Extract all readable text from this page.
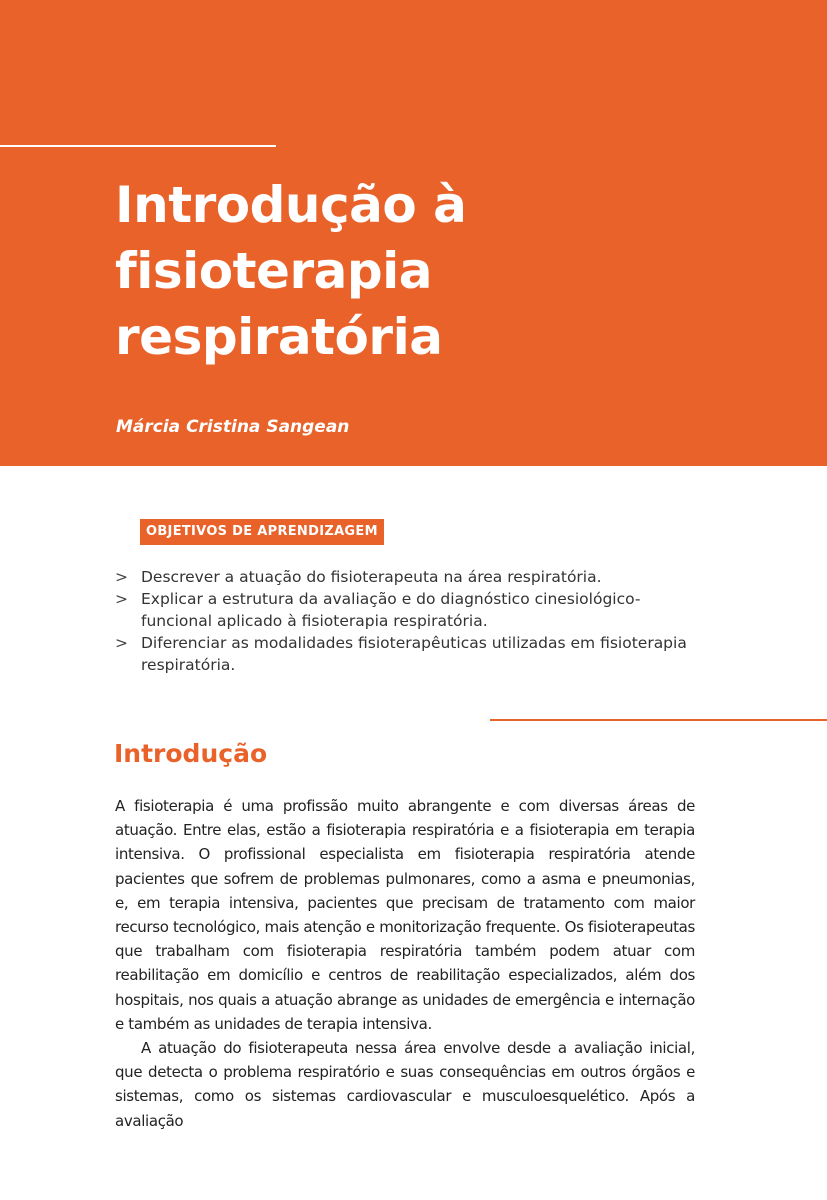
Introdução à
fisioterapia
respiratória
Márcia Cristina Sangean
OBJETIVOS DE APRENDIZAGEM
> Descrever a atuação do fisioterapeuta na área respiratória.
> Explicar a estrutura da avaliação e do diagnóstico cinesiológico-funcional aplicado à fisioterapia respiratória.
> Diferenciar as modalidades fisioterapêuticas utilizadas em fisioterapia respiratória.
Introdução

A fisioterapia é uma profissão muito abrangente e com diversas áreas de atuação. Entre elas, estão a fisioterapia respiratória e a fisioterapia em terapia intensiva. O profissional especialista em fisioterapia respiratória atende pacientes que sofrem de problemas pulmonares, como a asma e pneumonias, e, em terapia intensiva, pacientes que precisam de tratamento com maior recurso tecnológico, mais atenção e monitorização frequente. Os fisioterapeutas que trabalham com fisioterapia respiratória também podem atuar com reabilitação em domicílio e centros de reabilitação especializados, além dos hospitais, nos quais a atuação abrange as unidades de emergência e internação e também as unidades de terapia intensiva.

A atuação do fisioterapeuta nessa área envolve desde a avaliação inicial, que detecta o problema respiratório e suas consequências em outros órgãos e sistemas, como os sistemas cardiovascular e musculoesquelético. Após a avaliação
